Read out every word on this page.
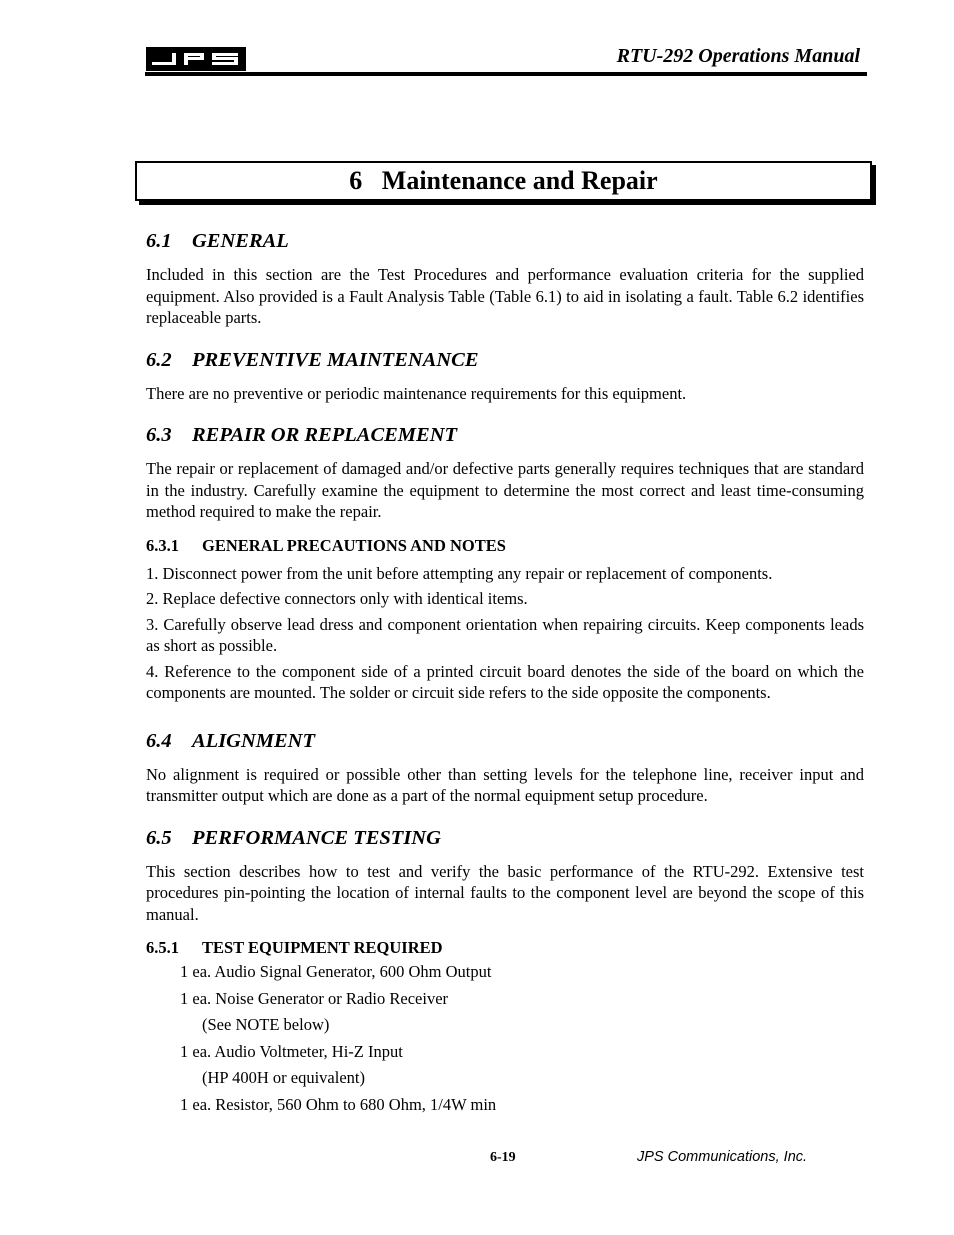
RTU-292 Operations Manual
6 Maintenance and Repair
6.1 GENERAL

Included in this section are the Test Procedures and performance evaluation criteria for the supplied equipment. Also provided is a Fault Analysis Table (Table 6.1) to aid in isolating a fault. Table 6.2 identifies replaceable parts.

6.2 PREVENTIVE MAINTENANCE

There are no preventive or periodic maintenance requirements for this equipment.

6.3 REPAIR OR REPLACEMENT

The repair or replacement of damaged and/or defective parts generally requires techniques that are standard in the industry. Carefully examine the equipment to determine the most correct and least time-consuming method required to make the repair.

6.3.1 GENERAL PRECAUTIONS AND NOTES

1. Disconnect power from the unit before attempting any repair or replacement of components.

2. Replace defective connectors only with identical items.

3. Carefully observe lead dress and component orientation when repairing circuits. Keep components leads as short as possible.

4. Reference to the component side of a printed circuit board denotes the side of the board on which the components are mounted. The solder or circuit side refers to the side opposite the components.

6.4 ALIGNMENT

No alignment is required or possible other than setting levels for the telephone line, receiver input and transmitter output which are done as a part of the normal equipment setup procedure.

6.5 PERFORMANCE TESTING

This section describes how to test and verify the basic performance of the RTU-292. Extensive test procedures pin-pointing the location of internal faults to the component level are beyond the scope of this manual.

6.5.1 TEST EQUIPMENT REQUIRED
1 ea. Audio Signal Generator, 600 Ohm Output
1 ea. Noise Generator or Radio Receiver
(See NOTE below)
1 ea. Audio Voltmeter, Hi-Z Input
(HP 400H or equivalent)
1 ea. Resistor, 560 Ohm to 680 Ohm, 1/4W min
6-19	JPS Communications, Inc.
